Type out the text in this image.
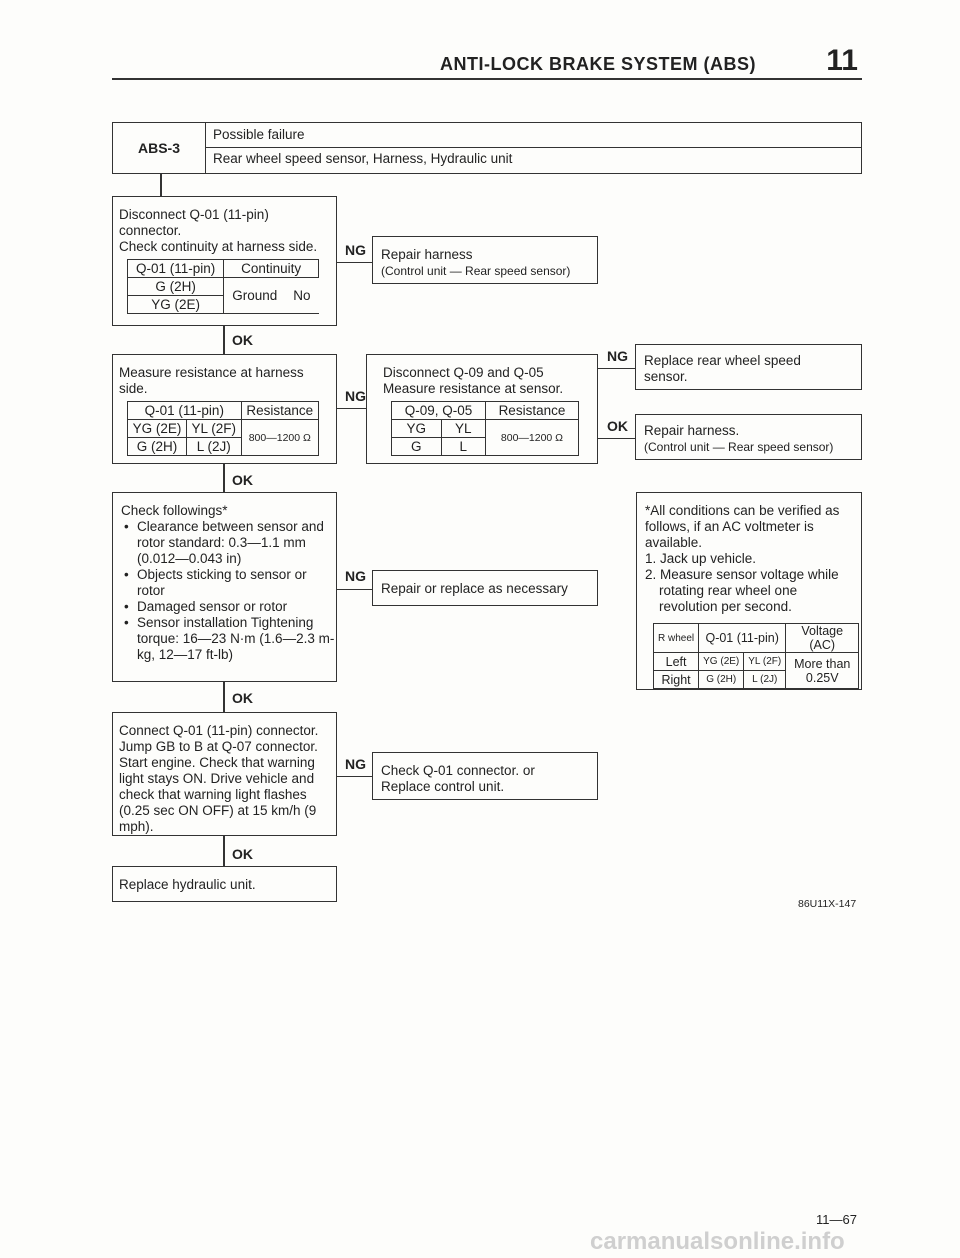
ANTI-LOCK BRAKE SYSTEM (ABS) 11
ABS-3
Possible failure
Rear wheel speed sensor, Harness, Hydraulic unit
Disconnect Q-01 (11-pin) connector.
Check continuity at harness side.
Q-01 (11-pin)	Continuity
G (2H)	Ground No
YG (2E)	
NG Repair harness
(Control unit — Rear speed sensor)
OK
Measure resistance at harness side.
Q-01 (11-pin)		Resistance
YG (2E)	YL (2F)	800—1200 Ω
G (2H)	L (2J)	
NG
Disconnect Q-09 and Q-05
Measure resistance at sensor.
Q-09, Q-05		Resistance
YG	YL	800—1200 Ω
G	L	
NG Replace rear wheel speed sensor.
OK Repair harness.
(Control unit — Rear speed sensor)
OK
Check followings*
• Clearance between sensor and rotor standard: 0.3—1.1 mm (0.012—0.043 in)
• Objects sticking to sensor or rotor
• Damaged sensor or rotor
• Sensor installation Tightening torque: 16—23 N·m (1.6—2.3 m-kg, 12—17 ft-lb)
NG
Repair or replace as necessary
OK
*All conditions can be verified as follows, if an AC voltmeter is available.
1. Jack up vehicle.
2. Measure sensor voltage while rotating rear wheel one revolution per second.
R wheel	Q-01 (11-pin)		Voltage (AC)
Left	YG (2E)	YL (2F)	More than 0.25V
Right	G (2H)	L (2J)	
Connect Q-01 (11-pin) connector. Jump GB to B at Q-07 connector. Start engine. Check that warning light stays ON. Drive vehicle and check that warning light flashes (0.25 sec ON OFF) at 15 km/h (9 mph).
NG Check Q-01 connector. or Replace control unit.
OK
Replace hydraulic unit.
86U11X-147
11—67
carmanualsonline.info
